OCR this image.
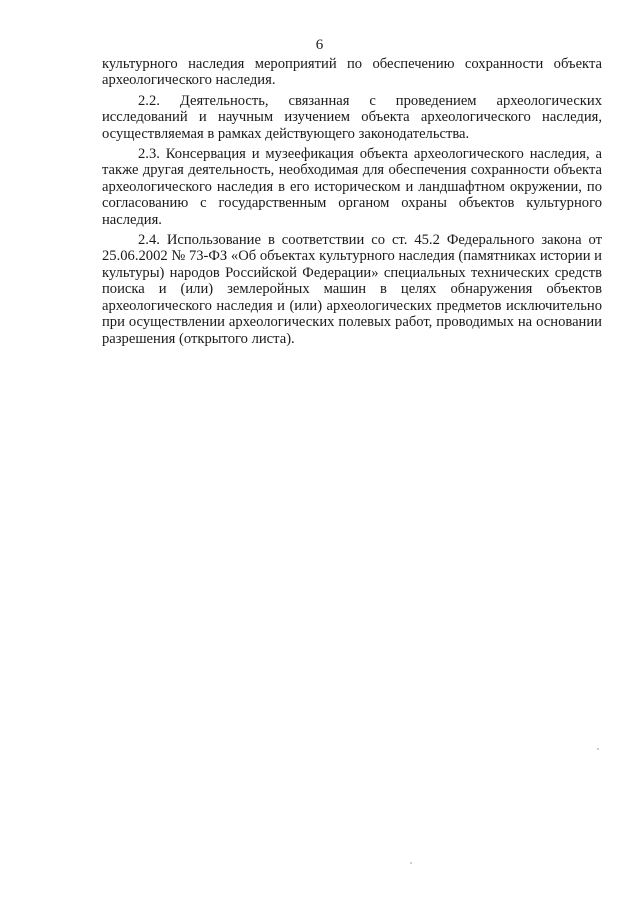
6

культурного наследия мероприятий по обеспечению сохранности объекта археологического наследия.

2.2. Деятельность, связанная с проведением археологических исследований и научным изучением объекта археологического наследия, осуществляемая в рамках действующего законодательства.

2.3. Консервация и музеефикация объекта археологического наследия, а также другая деятельность, необходимая для обеспечения сохранности объекта археологического наследия в его историческом и ландшафтном окружении, по согласованию с государственным органом охраны объектов культурного наследия.

2.4. Использование в соответствии со ст. 45.2 Федерального закона от 25.06.2002 № 73-ФЗ «Об объектах культурного наследия (памятниках истории и культуры) народов Российской Федерации» специальных технических средств поиска и (или) землеройных машин в целях обнаружения объектов археологического наследия и (или) археологических предметов исключительно при осуществлении археологических полевых работ, проводимых на основании разрешения (открытого листа).
